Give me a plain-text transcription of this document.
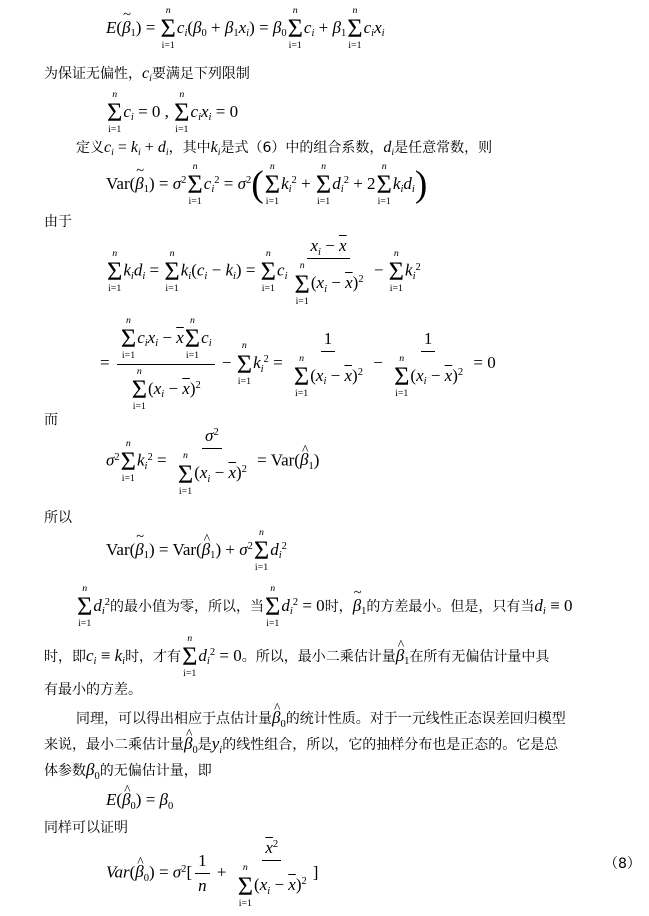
E(~ $\beta_1$) =
n
Σ
i=1
$c_i(\beta_0 + \beta_1x_i) = \beta_0$
n
Σ
i=1
$c_i + \beta_1$
n
Σ
i=1
$c_ix_i$
为保证无偏性，$c_i$要满足下列限制
n
Σ
i=1
$c_i = 0$ ,
n
Σ
i=1
$c_ix_i = 0$
定义$c_i = k_i + d_i$，其中$k_i$是式（6）中的组合系数，$d_i$是任意常数，则
Var(~ $\beta_1) = \sigma^2$
n
Σ
i=1
$c_i^2 = \sigma^2$( n
Σ
i=1
$k_i^2$ +
n
Σ
i=1
$d_i^2 + 2$
n
Σ
i=1
$k_id_i$)
由于
n
Σ
i=1
$k_id_i$ =
n
Σ
i=1
$k_i(c_i - k_i)$ =
n
Σ
i=1
$c_i$ $x_i - \overline{x}$
n
Σ
i=1
$(x_i - \overline{x})^2$ −
n
Σ
i=1
$k_i^2$
= n
Σ
i=1
$c_ix_i - \overline{x}$
n
Σ
i=1
$c_i$
n
Σ
i=1
$(x_i - \overline{x})^2$ −
n
Σ
i=1
$k_i^2 = 1$
n
Σ
i=1
$(x_i - \overline{x})^2 - 1$
n
Σ
i=1
$(x_i - \overline{x})^2 = 0$
而
$\sigma^2$
n
Σ
i=1
$k_i^2 = \sigma^2$
n
Σ
i=1
$(x_i - \overline{x})^2$ = Var(^ $\beta_1$)
所以
Var(~ $\beta_1$) = Var(^ $\beta_1) + \sigma^2$
n
Σ
i=1
$d_i^2$
n
Σ
i=1
$d_i^2$的最小值为零，所以，当
n
Σ
i=1
$d_i^2 = 0$时，~ $\beta_1$的方差最小。但是，只有当$d_i \equiv 0$
时，即$c_i \equiv k_i$时，才有
n
Σ
i=1
$d_i^2 = 0$。所以，最小二乘估计量^ $\beta_1$在所有无偏估计量中具
有最小的方差。
同理，可以得出相应于点估计量^ $\beta_0$的统计性质。对于一元线性正态误差回归模型
来说，最小二乘估计量^ $\beta_0$是$y_i$的线性组合，所以，它的抽样分布也是正态的。它是总
体参数$\beta_0$的无偏估计量，即
E(^ $\beta_0) = \beta_0$
同样可以证明
Var(^ $\beta_0) = \sigma^2[ \frac{1}{n} + \overline{x}^2$
n
Σ
i=1
$(x_i - \overline{x})^2$ ]	（8）
